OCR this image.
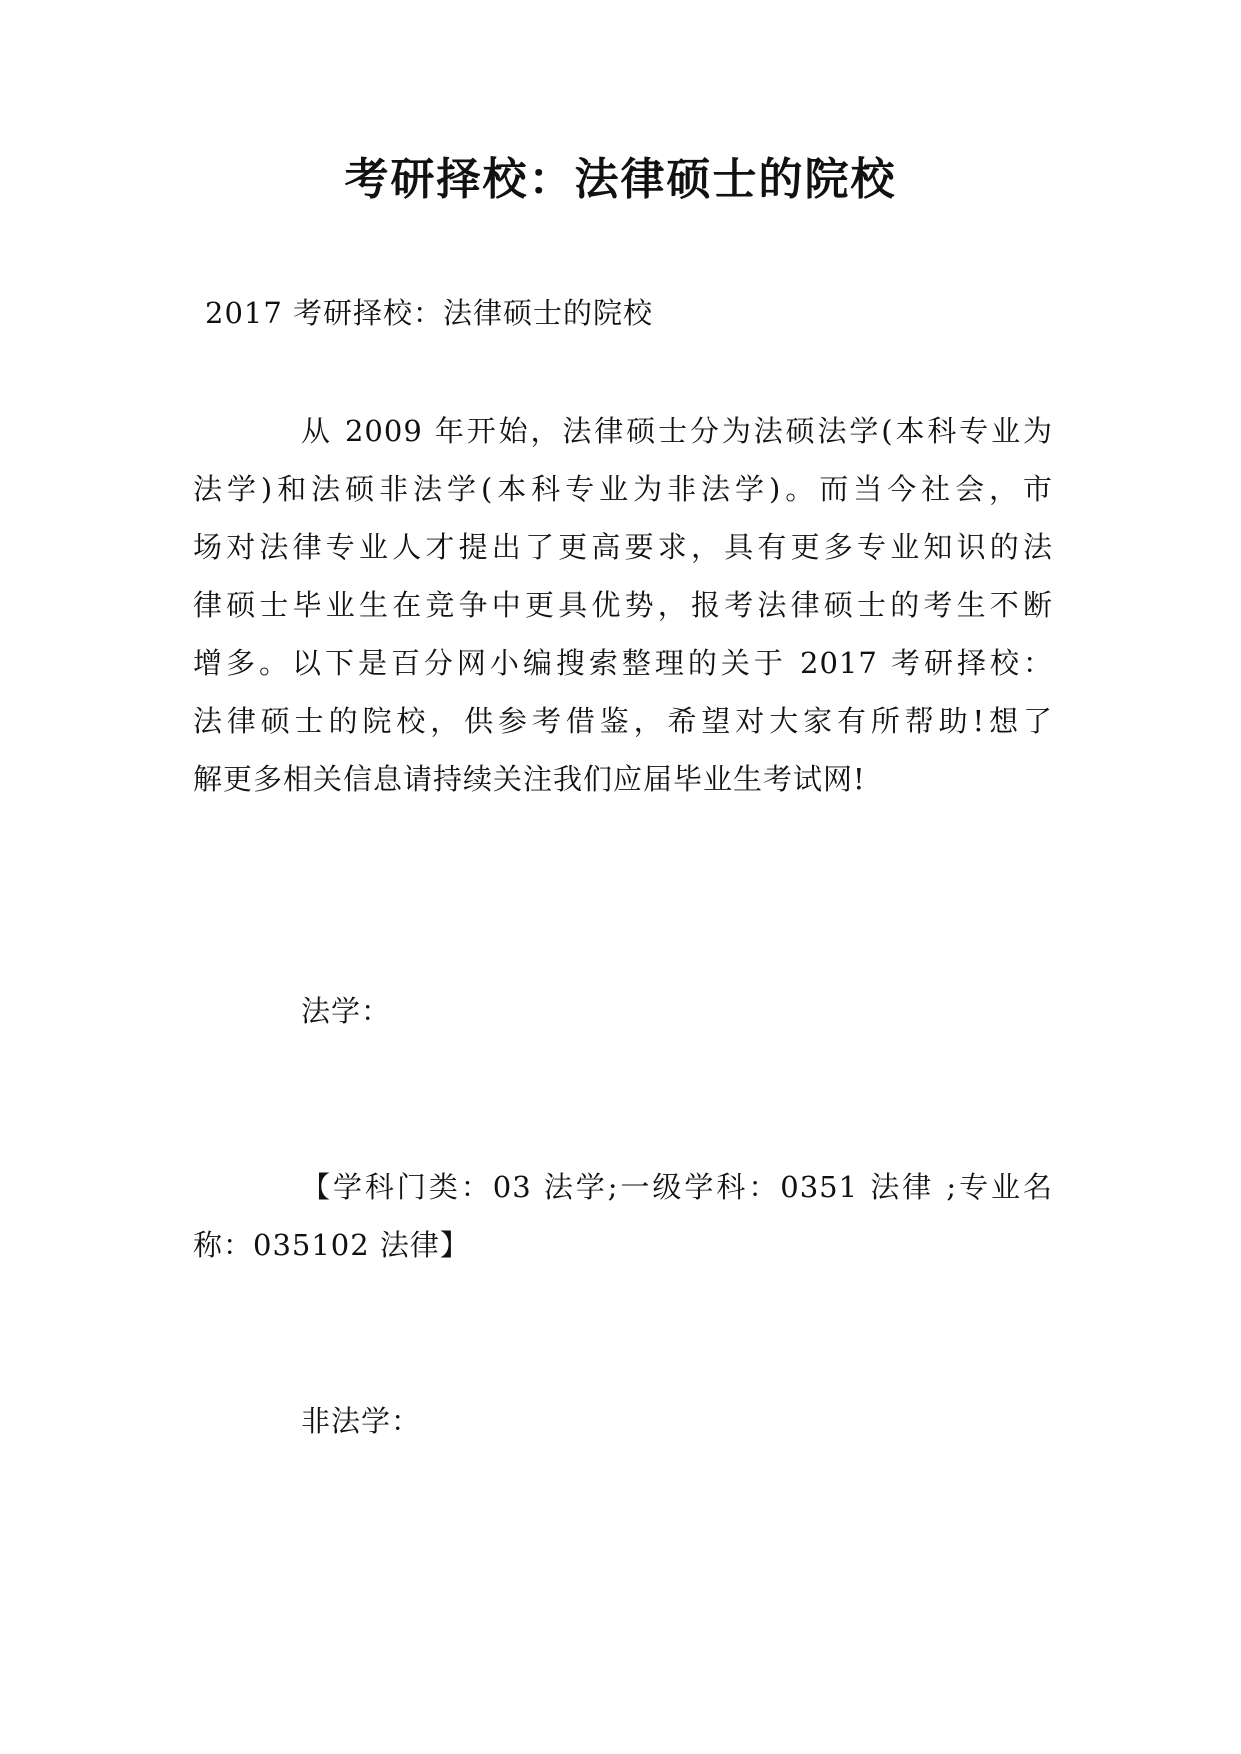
考研择校：法律硕士的院校
2017 考研择校：法律硕士的院校
从 2009 年开始，法律硕士分为法硕法学(本科专业为
法学)和法硕非法学(本科专业为非法学)。而当今社会，市
场对法律专业人才提出了更高要求，具有更多专业知识的法
律硕士毕业生在竞争中更具优势，报考法律硕士的考生不断
增多。以下是百分网小编搜索整理的关于 2017 考研择校：
法律硕士的院校，供参考借鉴，希望对大家有所帮助!想了
解更多相关信息请持续关注我们应届毕业生考试网!
法学：
【学科门类：03 法学;一级学科：0351 法律 ;专业名
称：035102 法律】
非法学：
